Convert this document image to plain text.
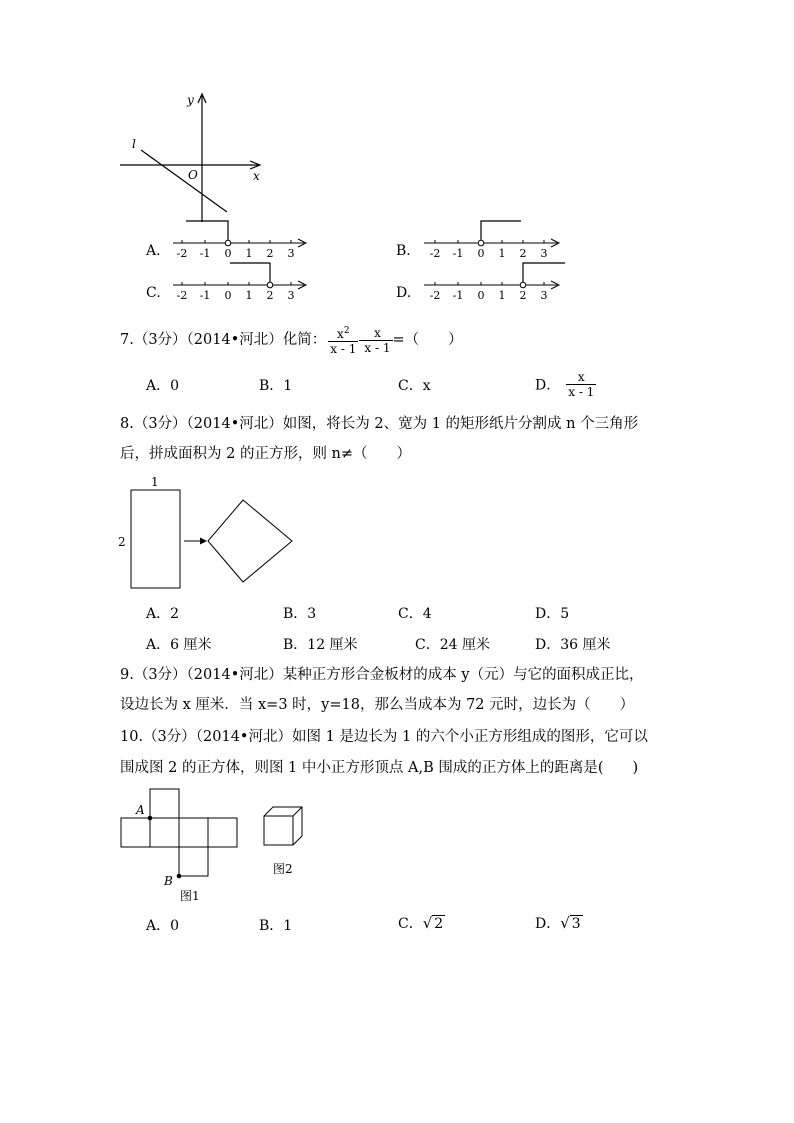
y
x
O
l
A. -2 -1 0 1 2 3	B. -2 -1 0 1 2 3
C. -2 -1 0 1 2 3	D. -2 -1 0 1 2 3
7.（3分）（2014•河北）化简： $\frac{x^2}{x - 1} - \frac{x}{x - 1}$ =（　　）
A．0	B．1	C．x	D． $\frac{x}{x - 1}$
8.（3分）（2014•河北）如图，将长为 2、宽为 1 的矩形纸片分割成 n 个三角形
后，拼成面积为 2 的正方形，则 n≠（　　）
1
2
A．2	B．3	C．4	D．5
A．6 厘米	B．12 厘米	C．24 厘米	D．36 厘米
9.（3分）（2014•河北）某种正方形合金板材的成本 y（元）与它的面积成正比，
设边长为 x 厘米．当 x=3 时，y=18，那么当成本为 72 元时，边长为（　　）
10.（3分）（2014•河北）如图 1 是边长为 1 的六个小正方形组成的图形，它可以
围成图 2 的正方体，则图 1 中小正方形顶点 A,B 围成的正方体上的距离是(　　)
A
B
图1
图2
A．0	B．1	C．√ 2	D．√ 3
